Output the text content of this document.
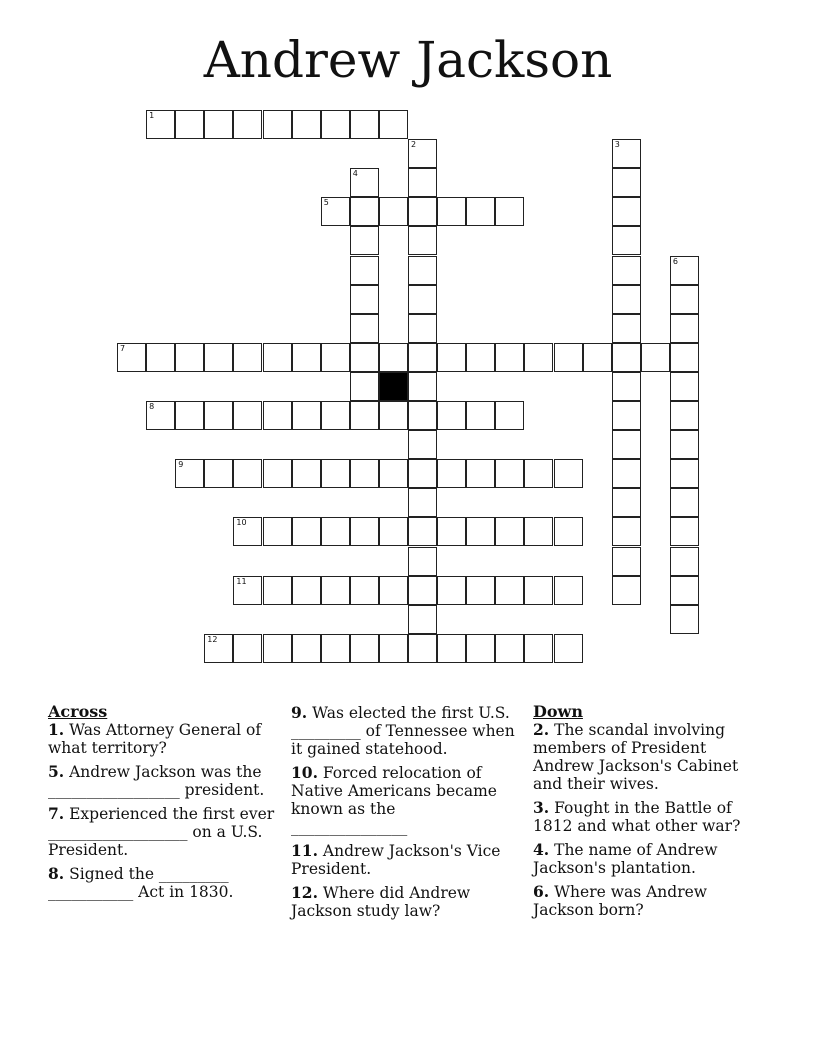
Andrew Jackson
1
2	3
4
5
6
7
8
9
10
11
12
Across
1. Was Attorney General of what territory?
5. Andrew Jackson was the _________________ president.
7. Experienced the first ever __________________ on a U.S. President.
8. Signed the _________ ___________ Act in 1830.
9. Was elected the first U.S. _________ of Tennessee when it gained statehood.
10. Forced relocation of Native Americans became known as the _______________
11. Andrew Jackson's Vice President.
12. Where did Andrew Jackson study law?
Down
2. The scandal involving members of President Andrew Jackson's Cabinet and their wives.
3. Fought in the Battle of 1812 and what other war?
4. The name of Andrew Jackson's plantation.
6. Where was Andrew Jackson born?
